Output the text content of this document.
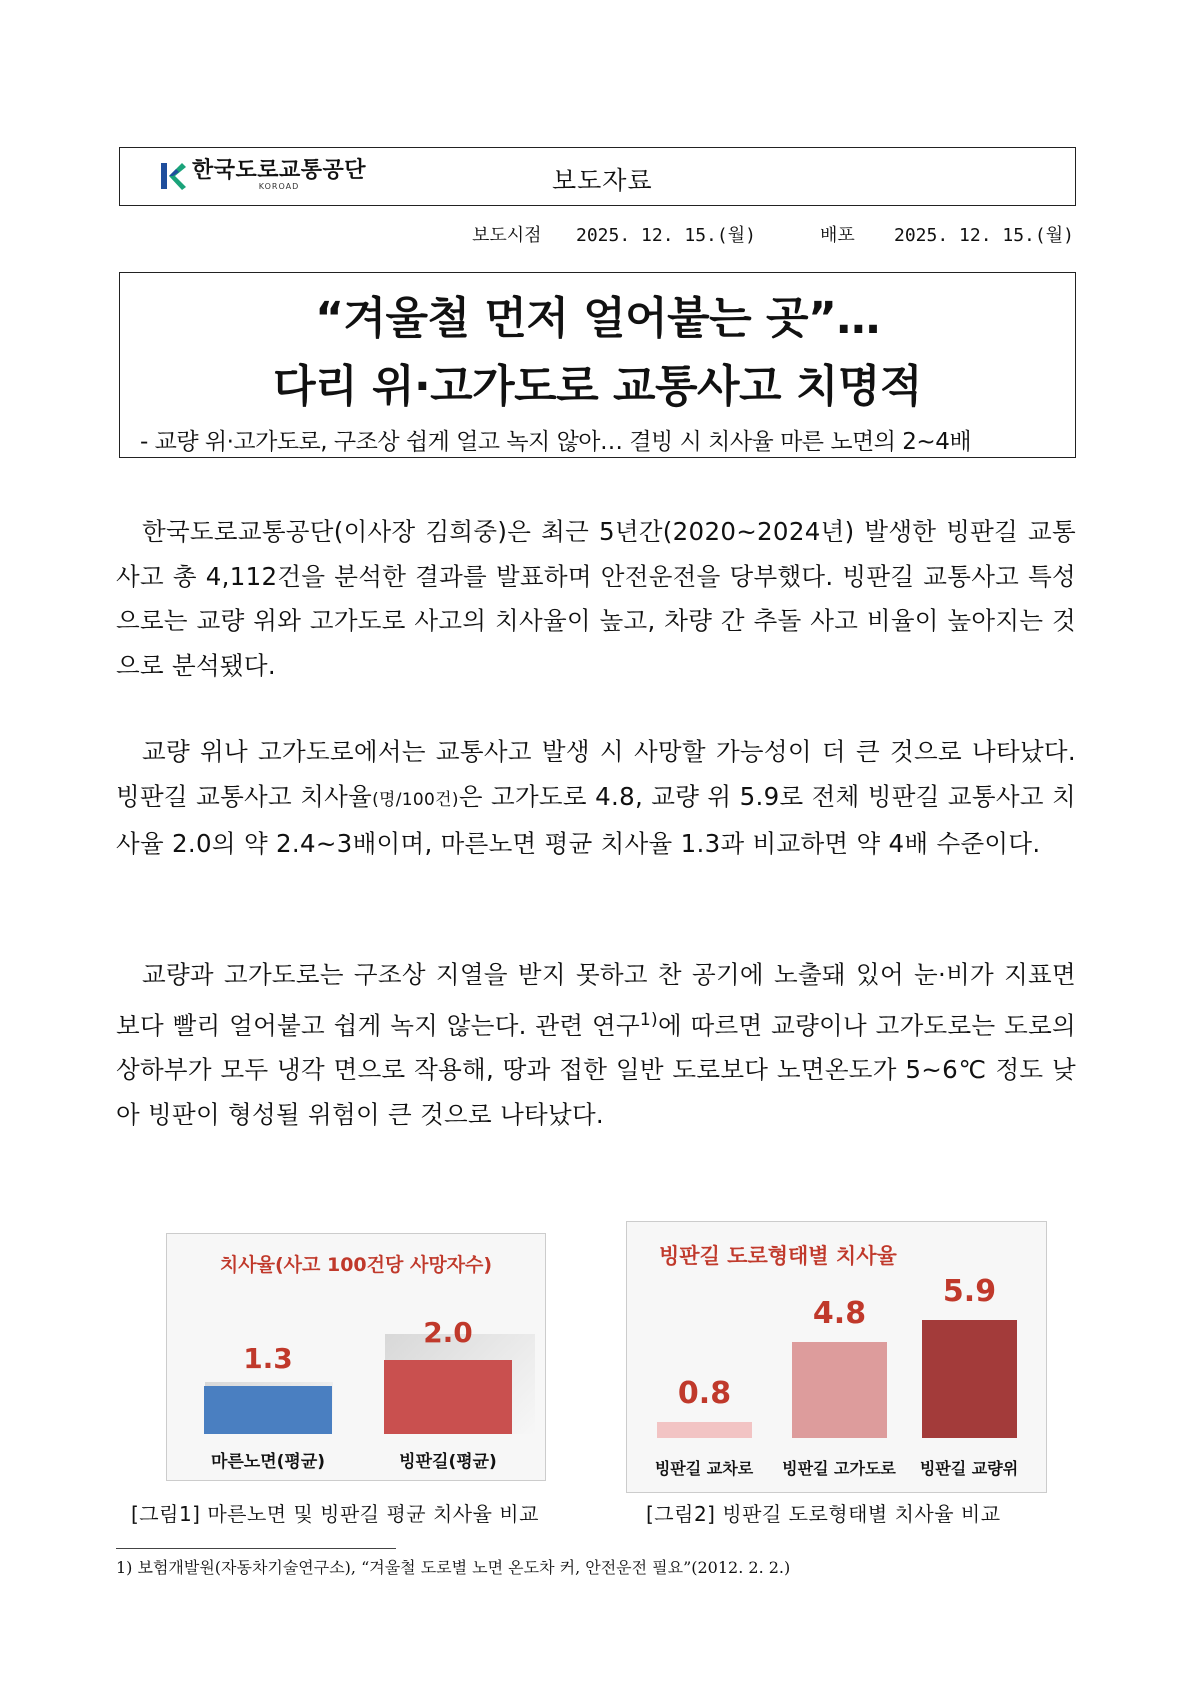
한국도로교통공단
KOROAD	보도자료
보도시점 2025. 12. 15.(월)	배포 2025. 12. 15.(월)
“겨울철 먼저 얼어붙는 곳”…
다리 위·고가도로 교통사고 치명적
- 교량 위·고가도로, 구조상 쉽게 얼고 녹지 않아… 결빙 시 치사율 마른 노면의 2~4배
한국도로교통공단(이사장 김희중)은 최근 5년간(2020~2024년) 발생한 빙판길 교통사고 총 4,112건을 분석한 결과를 발표하며 안전운전을 당부했다. 빙판길 교통사고 특성으로는 교량 위와 고가도로 사고의 치사율이 높고, 차량 간 추돌 사고 비율이 높아지는 것으로 분석됐다.
교량 위나 고가도로에서는 교통사고 발생 시 사망할 가능성이 더 큰 것으로 나타났다. 빙판길 교통사고 치사율(명/100건)은 고가도로 4.8, 교량 위 5.9로 전체 빙판길 교통사고 치사율 2.0의 약 2.4~3배이며, 마른노면 평균 치사율 1.3과 비교하면 약 4배 수준이다.
교량과 고가도로는 구조상 지열을 받지 못하고 찬 공기에 노출돼 있어 눈·비가 지표면보다 빨리 얼어붙고 쉽게 녹지 않는다. 관련 연구$^{1)}$에 따르면 교량이나 고가도로는 도로의 상하부가 모두 냉각 면으로 작용해, 땅과 접한 일반 도로보다 노면온도가 5~6℃ 정도 낮아 빙판이 형성될 위험이 큰 것으로 나타났다.
치사율(사고 100건당 사망자수)
1.3
2.0
마른노면(평균)	빙판길(평균)
[그림1] 마른노면 및 빙판길 평균 치사율 비교
빙판길 도로형태별 치사율
0.8
4.8
5.9
빙판길 교차로	빙판길 고가도로	빙판길 교량위
[그림2] 빙판길 도로형태별 치사율 비교
1) 보험개발원(자동차기술연구소), “겨울철 도로별 노면 온도차 커, 안전운전 필요”(2012. 2. 2.)
